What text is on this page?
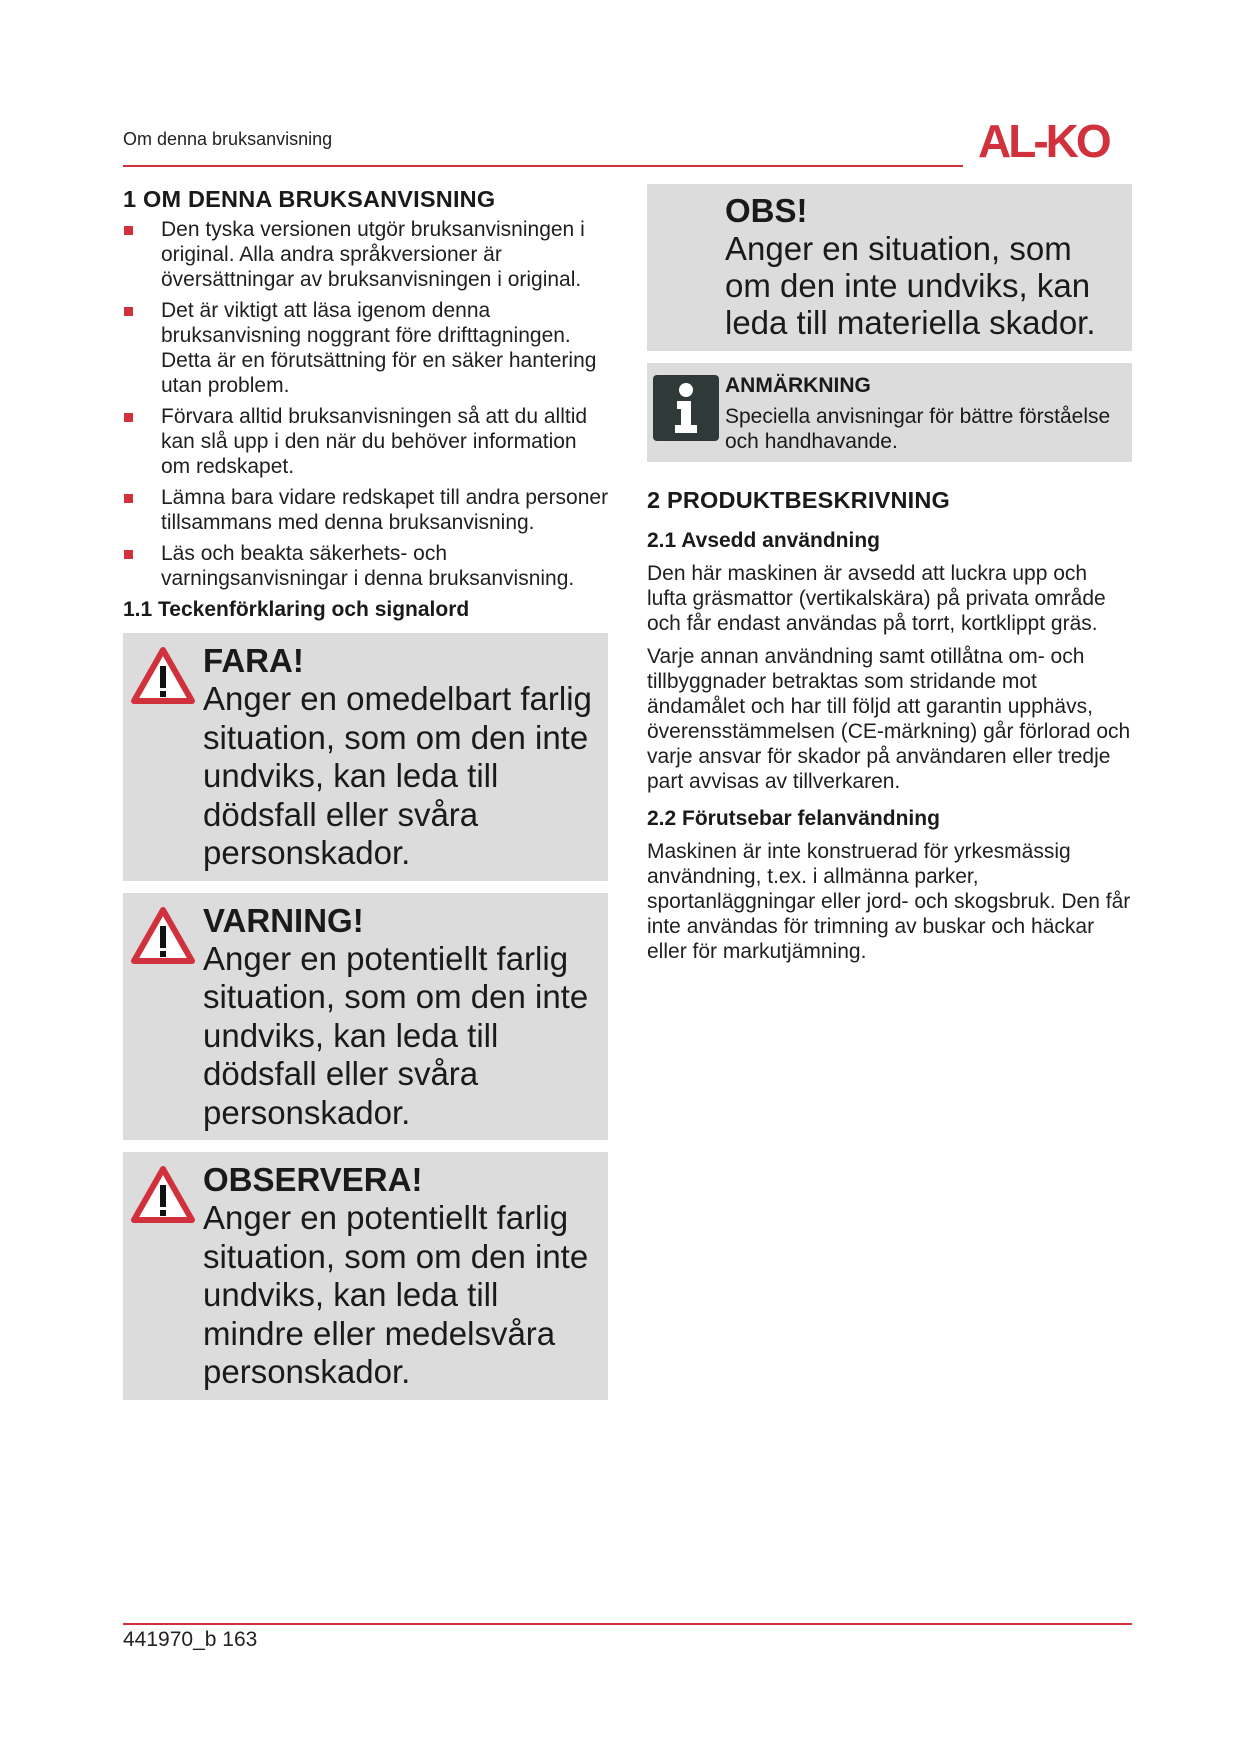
Om denna bruksanvisning	AL-KO
1 OM DENNA BRUKSANVISNING
Den tyska versionen utgör bruksanvisningen i original. Alla andra språkversioner är översättningar av bruksanvisningen i original.
Det är viktigt att läsa igenom denna bruksanvisning noggrant före drifttagningen. Detta är en förutsättning för en säker hantering utan problem.
Förvara alltid bruksanvisningen så att du alltid kan slå upp i den när du behöver information om redskapet.
Lämna bara vidare redskapet till andra personer tillsammans med denna bruksanvisning.
Läs och beakta säkerhets- och varningsanvisningar i denna bruksanvisning.
1.1 Teckenförklaring och signalord
FARA!
Anger en omedelbart farlig situation, som om den inte undviks, kan leda till dödsfall eller svåra personskador.
VARNING!
Anger en potentiellt farlig situation, som om den inte undviks, kan leda till dödsfall eller svåra personskador.
OBSERVERA!
Anger en potentiellt farlig situation, som om den inte undviks, kan leda till mindre eller medelsvåra personskador.
OBS!
Anger en situation, som om den inte undviks, kan leda till materiella skador.
ANMÄRKNING
Speciella anvisningar för bättre förståelse och handhavande.
2 PRODUKTBESKRIVNING
2.1 Avsedd användning

Den här maskinen är avsedd att luckra upp och lufta gräsmattor (vertikalskära) på privata område och får endast användas på torrt, kortklippt gräs.

Varje annan användning samt otillåtna om- och tillbyggnader betraktas som stridande mot ändamålet och har till följd att garantin upphävs, överensstämmelsen (CE-märkning) går förlorad och varje ansvar för skador på användaren eller tredje part avvisas av tillverkaren.

2.2 Förutsebar felanvändning

Maskinen är inte konstruerad för yrkesmässig användning, t.ex. i allmänna parker, sportanläggningar eller jord- och skogsbruk. Den får inte användas för trimning av buskar och häckar eller för markutjämning.

441970_b 163
